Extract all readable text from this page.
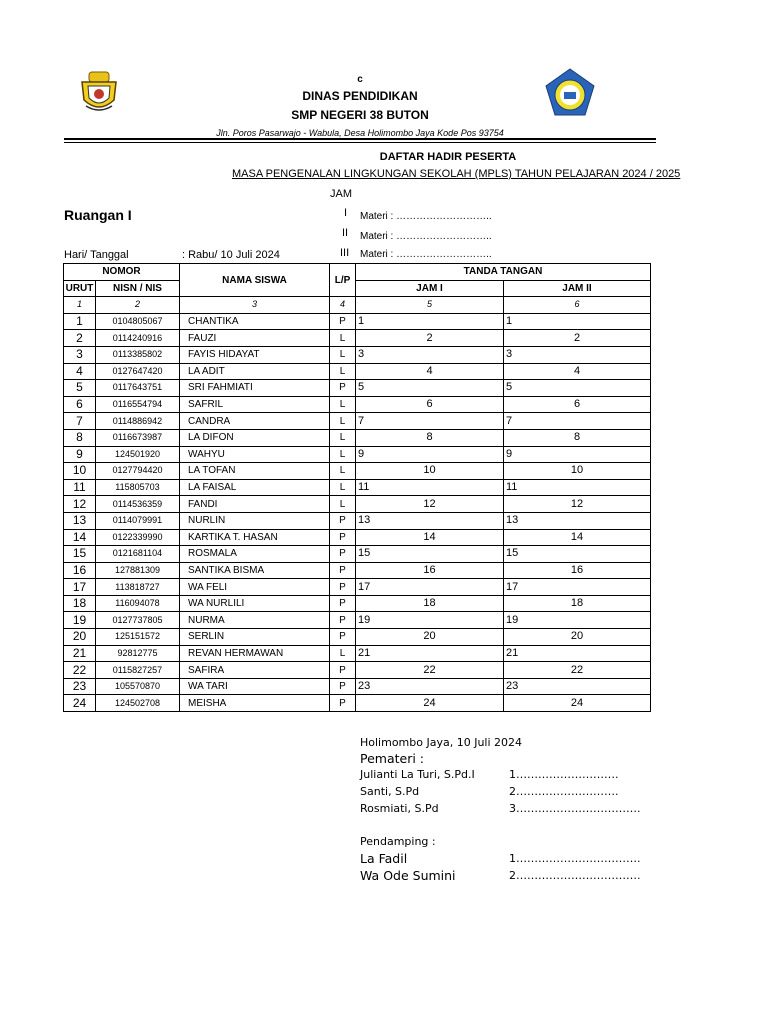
c
DINAS PENDIDIKAN
SMP NEGERI 38 BUTON
Jln. Poros Pasarwajo - Wabula, Desa Holimombo Jaya Kode Pos 93754
DAFTAR HADIR PESERTA
MASA PENGENALAN LINGKUNGAN SEKOLAH (MPLS) TAHUN PELAJARAN 2024 / 2025
JAM
Ruangan I	I
II
III
Materi : ………………………..
Materi : ………………………..
Materi : ………………………..
Hari/ Tanggal	: Rabu/ 10 Juli 2024
NOMOR		NAMA SISWA	L/P	TANDA TANGAN	
URUT	NISN / NIS			JAM I	JAM II
1	2	3	4	5	6
1	0104805067	CHANTIKA	P	1	1
2	0114240916	FAUZI	L	2	2
3	0113385802	FAYIS HIDAYAT	L	3	3
4	0127647420	LA ADIT	L	4	4
5	0117643751	SRI FAHMIATI	P	5	5
6	0116554794	SAFRIL	L	6	6
7	0114886942	CANDRA	L	7	7
8	0116673987	LA DIFON	L	8	8
9	124501920	WAHYU	L	9	9
10	0127794420	LA TOFAN	L	10	10
11	115805703	LA FAISAL	L	11	11
12	0114536359	FANDI	L	12	12
13	0114079991	NURLIN	P	13	13
14	0122339990	KARTIKA T. HASAN	P	14	14
15	0121681104	ROSMALA	P	15	15
16	127881309	SANTIKA BISMA	P	16	16
17	113818727	WA FELI	P	17	17
18	116094078	WA NURLILI	P	18	18
19	0127737805	NURMA	P	19	19
20	125151572	SERLIN	P	20	20
21	92812775	REVAN HERMAWAN	L	21	21
22	0115827257	SAFIRA	P	22	22
23	105570870	WA TARI	P	23	23
24	124502708	MEISHA	P	24	24
Holimombo Jaya, 10 Juli 2024
Pemateri :
Julianti La Turi, S.Pd.I	1……………………….
Santi, S.Pd	2……………………….
Rosmiati, S.Pd	3…………………………….
Pendamping :
La Fadil	1…………………………….
Wa Ode Sumini	2…………………………….
